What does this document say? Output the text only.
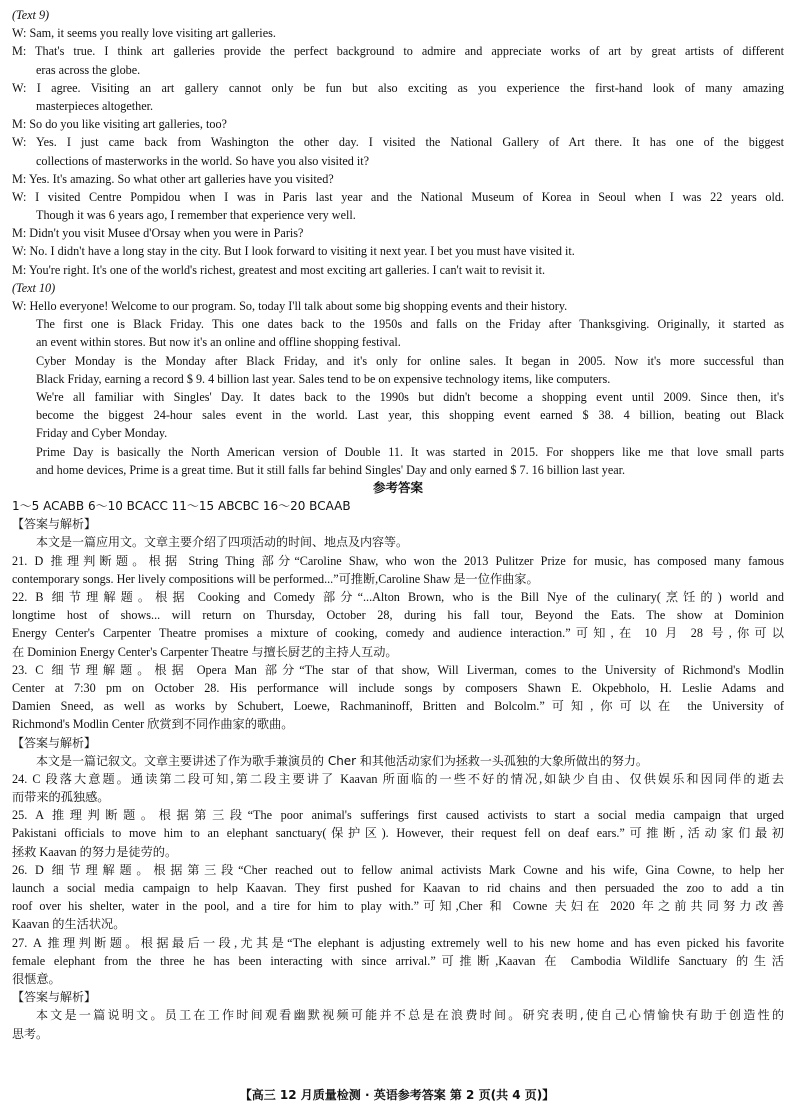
(Text 9)
W: Sam, it seems you really love visiting art galleries.
M: That's true. I think art galleries provide the perfect background to admire and appreciate works of art by great artists of different
eras across the globe.
W: I agree. Visiting an art gallery cannot only be fun but also exciting as you experience the first-hand look of many amazing
masterpieces altogether.
M: So do you like visiting art galleries, too?
W: Yes. I just came back from Washington the other day. I visited the National Gallery of Art there. It has one of the biggest
collections of masterworks in the world. So have you also visited it?
M: Yes. It's amazing. So what other art galleries have you visited?
W: I visited Centre Pompidou when I was in Paris last year and the National Museum of Korea in Seoul when I was 22 years old.
Though it was 6 years ago, I remember that experience very well.
M: Didn't you visit Musee d'Orsay when you were in Paris?
W: No. I didn't have a long stay in the city. But I look forward to visiting it next year. I bet you must have visited it.
M: You're right. It's one of the world's richest, greatest and most exciting art galleries. I can't wait to revisit it.
(Text 10)
W: Hello everyone! Welcome to our program. So, today I'll talk about some big shopping events and their history.
The first one is Black Friday. This one dates back to the 1950s and falls on the Friday after Thanksgiving. Originally, it started as
an event within stores. But now it's an online and offline shopping festival.
Cyber Monday is the Monday after Black Friday, and it's only for online sales. It began in 2005. Now it's more successful than
Black Friday, earning a record $ 9. 4 billion last year. Sales tend to be on expensive technology items, like computers.
We're all familiar with Singles' Day. It dates back to the 1990s but didn't become a shopping event until 2009. Since then, it's
become the biggest 24-hour sales event in the world. Last year, this shopping event earned $ 38. 4 billion, beating out Black
Friday and Cyber Monday.
Prime Day is basically the North American version of Double 11. It was started in 2015. For shoppers like me that love small parts
and home devices, Prime is a great time. But it still falls far behind Singles' Day and only earned $ 7. 16 billion last year.
参考答案
1～5 ACABB 6～10 BCACC 11～15 ABCBC 16～20 BCAAB
【答案与解析】
本文是一篇应用文。文章主要介绍了四项活动的时间、地点及内容等。
21. D 推理判断题。根据 String Thing 部分“Caroline Shaw, who won the 2013 Pulitzer Prize for music, has composed many famous
contemporary songs. Her lively compositions will be performed...”可推断,Caroline Shaw 是一位作曲家。
22. B 细节理解题。根据 Cooking and Comedy 部分“...Alton Brown, who is the Bill Nye of the culinary(烹饪的) world and
longtime host of shows... will return on Thursday, October 28, during his fall tour, Beyond the Eats. The show at Dominion
Energy Center's Carpenter Theatre promises a mixture of cooking, comedy and audience interaction.”可知,在 10 月 28 号,你可以
在 Dominion Energy Center's Carpenter Theatre 与擅长厨艺的主持人互动。
23. C 细节理解题。根据 Opera Man 部分“The star of that show, Will Liverman, comes to the University of Richmond's Modlin
Center at 7:30 pm on October 28. His performance will include songs by composers Shawn E. Okpebholo, H. Leslie Adams and
Damien Sneed, as well as works by Schubert, Loewe, Rachmaninoff, Britten and Bolcolm.”可知,你可以在 the University of
Richmond's Modlin Center 欣赏到不同作曲家的歌曲。
【答案与解析】
本文是一篇记叙文。文章主要讲述了作为歌手兼演员的 Cher 和其他活动家们为拯救一头孤独的大象所做出的努力。
24. C 段落大意题。通读第二段可知,第二段主要讲了 Kaavan 所面临的一些不好的情况,如缺少自由、仅供娱乐和因同伴的逝去
而带来的孤独感。
25. A 推理判断题。根据第三段“The poor animal's sufferings first caused activists to start a social media campaign that urged
Pakistani officials to move him to an elephant sanctuary(保护区). However, their request fell on deaf ears.”可推断,活动家们最初
拯救 Kaavan 的努力是徒劳的。
26. D 细节理解题。根据第三段“Cher reached out to fellow animal activists Mark Cowne and his wife, Gina Cowne, to help her
launch a social media campaign to help Kaavan. They first pushed for Kaavan to rid chains and then persuaded the zoo to add a tin
roof over his shelter, water in the pool, and a tire for him to play with.”可知,Cher 和 Cowne 夫妇在 2020 年之前共同努力改善
Kaavan 的生活状况。
27. A 推理判断题。根据最后一段,尤其是“The elephant is adjusting extremely well to his new home and has even picked his favorite
female elephant from the three he has been interacting with since arrival.”可推断,Kaavan 在 Cambodia Wildlife Sanctuary 的生活
很惬意。
【答案与解析】
本文是一篇说明文。员工在工作时间观看幽默视频可能并不总是在浪费时间。研究表明,使自己心情愉快有助于创造性的
思考。
【高三 12 月质量检测 · 英语参考答案 第 2 页(共 4 页)】
